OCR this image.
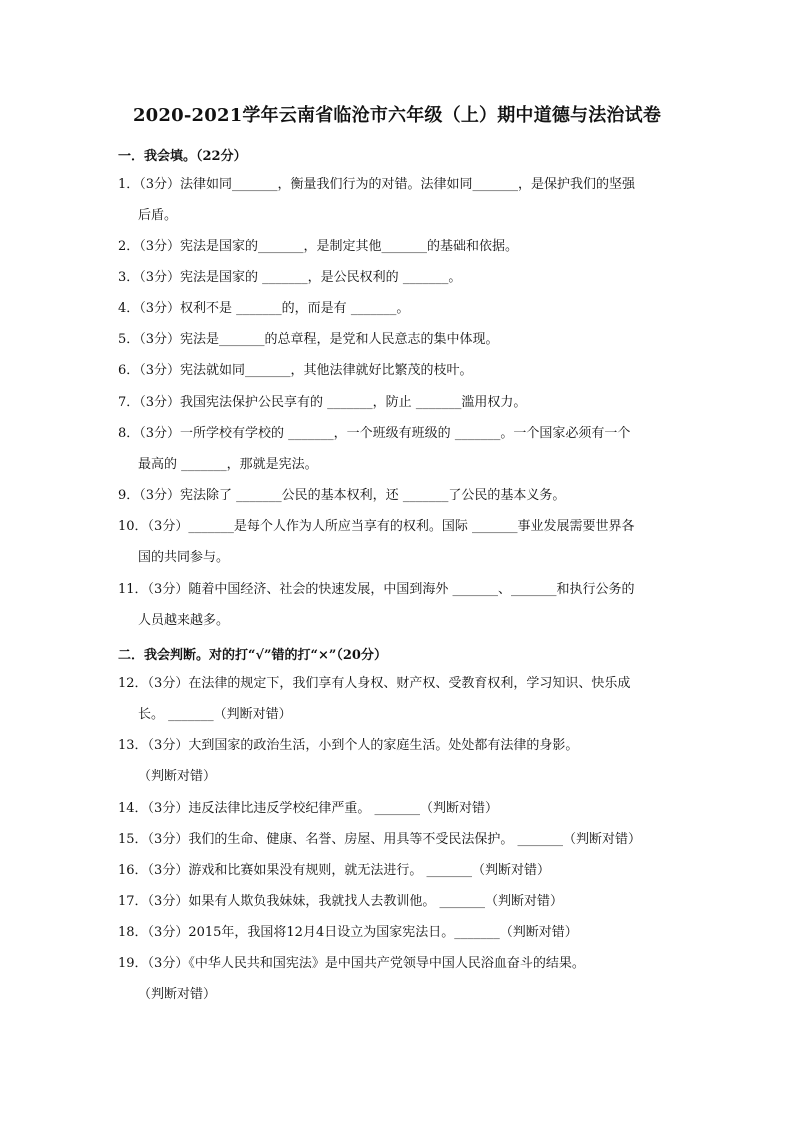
2020-2021学年云南省临沧市六年级（上）期中道德与法治试卷
一．我会填。（22分）
1．（3分）法律如同_______，衡量我们行为的对错。法律如同_______，是保护我们的坚强
后盾。
2．（3分）宪法是国家的_______，是制定其他_______的基础和依据。
3．（3分）宪法是国家的 _______，是公民权利的 _______。
4．（3分）权利不是 _______的，而是有 _______。
5．（3分）宪法是_______的总章程，是党和人民意志的集中体现。
6．（3分）宪法就如同_______，其他法律就好比繁茂的枝叶。
7．（3分）我国宪法保护公民享有的 _______，防止 _______滥用权力。
8．（3分）一所学校有学校的 _______，一个班级有班级的 _______。一个国家必须有一个
最高的 _______，那就是宪法。
9．（3分）宪法除了 _______公民的基本权利，还 _______了公民的基本义务。
10．（3分）_______是每个人作为人所应当享有的权利。国际 _______事业发展需要世界各
国的共同参与。
11．（3分）随着中国经济、社会的快速发展，中国到海外 _______、_______和执行公务的
人员越来越多。
二．我会判断。对的打“√”错的打“×”（20分）
12．（3分）在法律的规定下，我们享有人身权、财产权、受教育权利，学习知识、快乐成
长。 _______（判断对错）
13．（3分）大到国家的政治生活，小到个人的家庭生活。处处都有法律的身影。
（判断对错）
14．（3分）违反法律比违反学校纪律严重。 _______（判断对错）
15．（3分）我们的生命、健康、名誉、房屋、用具等不受民法保护。 _______（判断对错）
16．（3分）游戏和比赛如果没有规则，就无法进行。 _______（判断对错）
17．（3分）如果有人欺负我妹妹，我就找人去教训他。 _______（判断对错）
18．（3分）2015年，我国将12月4日设立为国家宪法日。_______（判断对错）
19．（3分）《中华人民共和国宪法》是中国共产党领导中国人民浴血奋斗的结果。
（判断对错）
